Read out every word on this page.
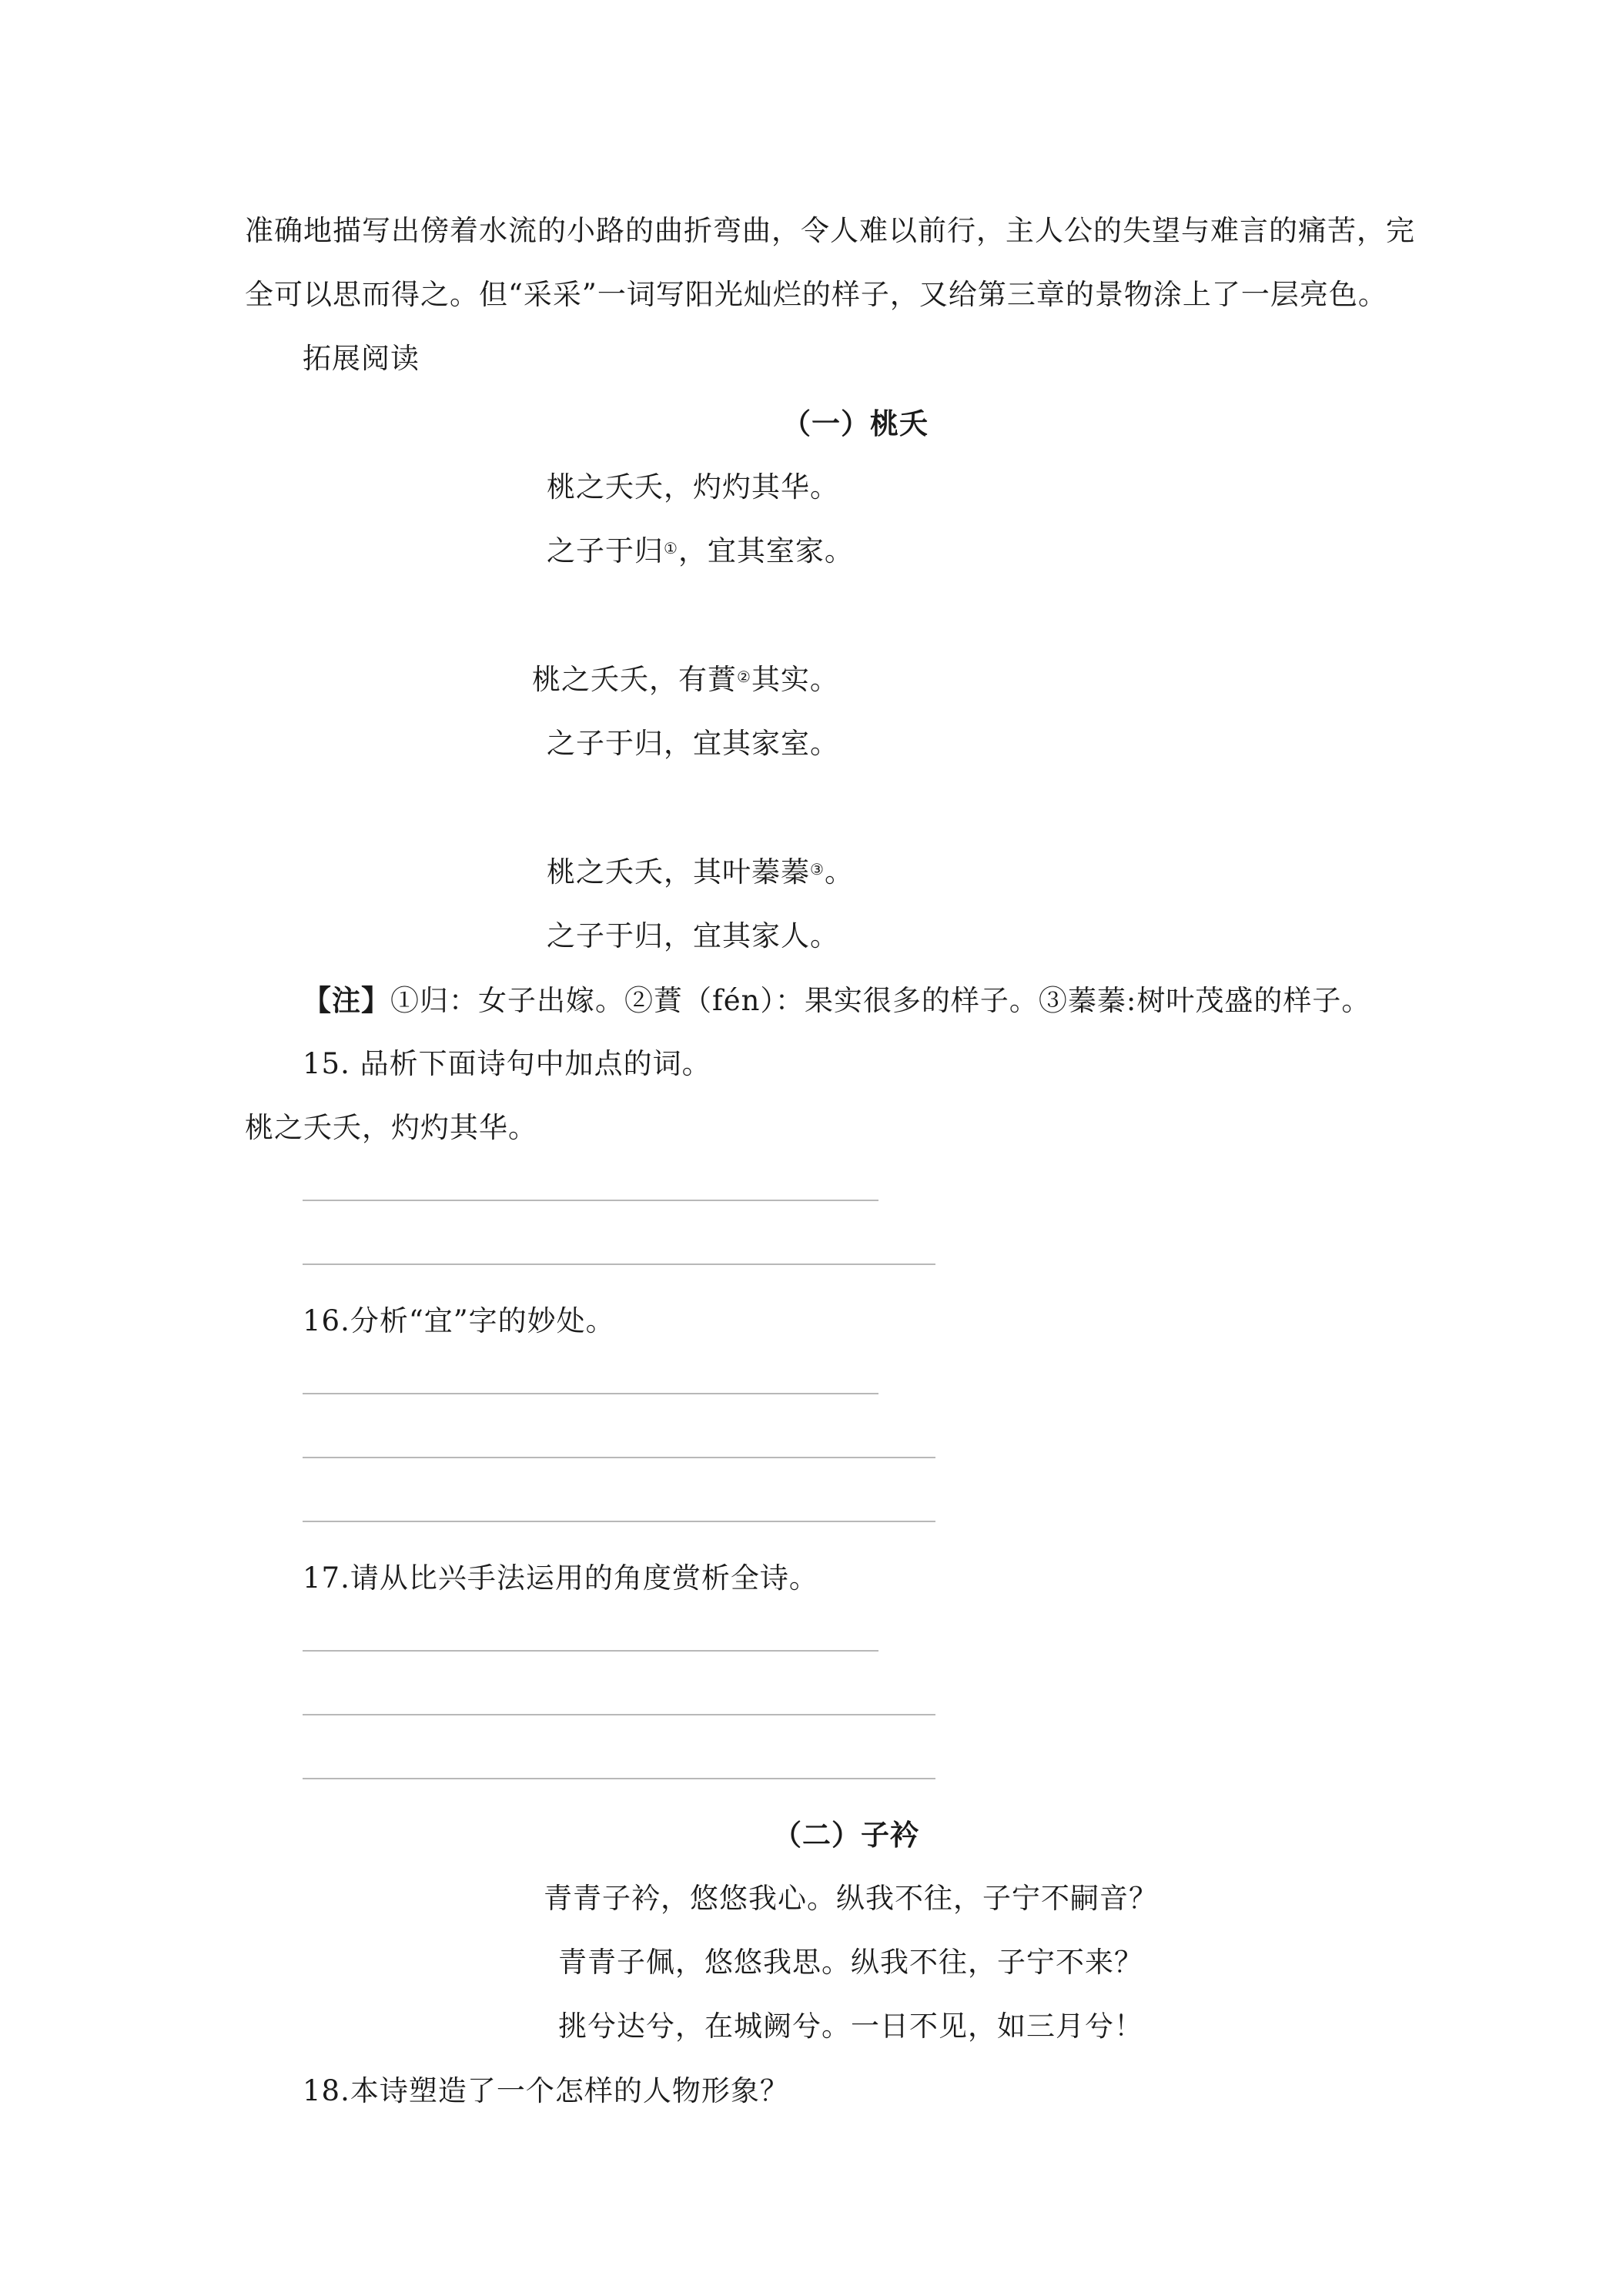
准确地描写出傍着水流的小路的曲折弯曲，令人难以前行，主人公的失望与难言的痛苦，完
全可以思而得之。但“采采”一词写阳光灿烂的样子，又给第三章的景物涂上了一层亮色。
拓展阅读
（一）桃夭
桃之夭夭，灼灼其华。
之子于归①，宜其室家。
桃之夭夭，有蕡②其实。
之子于归，宜其家室。
桃之夭夭，其叶蓁蓁③。
之子于归，宜其家人。
【注】①归：女子出嫁。②蕡（fén）：果实很多的样子。③蓁蓁:树叶茂盛的样子。
15. 品析下面诗句中加点的词。
桃之夭夭，灼灼其华。
16.分析“宜”字的妙处。
17.请从比兴手法运用的角度赏析全诗。
（二）子衿
青青子衿，悠悠我心。纵我不往，子宁不嗣音？
青青子佩，悠悠我思。纵我不往，子宁不来？
挑兮达兮，在城阙兮。一日不见，如三月兮！
18.本诗塑造了一个怎样的人物形象？
